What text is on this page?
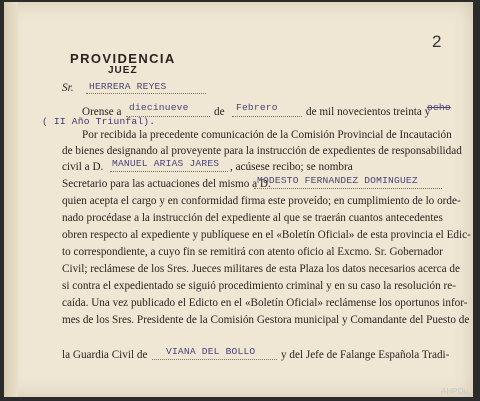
2
PROVIDENCIA
JUEZ
Sr. HERRERA REYES
Orense a diecinueve de Febrero	de mil novecientos treinta y
ocho
( II Año Triunfal).
Por recibida la precedente comunicación de la Comisión Provincial de Incautación
de bienes designando al proveyente para la instrucción de expedientes de responsabilidad
civil a D. MANUEL ARIAS JARES , acúsese recibo; se nombra
Secretario para las actuaciones del mismo a D.
MODESTO FERNANDEZ DOMINGUEZ
quien acepta el cargo y en conformidad firma este proveído; en cumplimiento de lo orde-
nado procédase a la instrucción del expediente al que se traerán cuantos antecedentes
obren respecto al expediente y publíquese en el «Boletín Oficial» de esta provincia el Edic-
to correspondiente, a cuyo fin se remitirá con atento oficio al Excmo. Sr. Gobernador
Civil; reclámese de los Sres. Jueces militares de esta Plaza los datos necesarios acerca de
si contra el expedientado se siguió procedimiento criminal y en su caso la resolución re-
caída. Una vez publicado el Edicto en el «Boletín Oficial» reclámense los oportunos infor-
mes de los Sres. Presidente de la Comisión Gestora municipal y Comandante del Puesto de
la Guardia Civil de VIANA DEL BOLLO y del Jefe de Falange Española Tradi-
AHPOu
